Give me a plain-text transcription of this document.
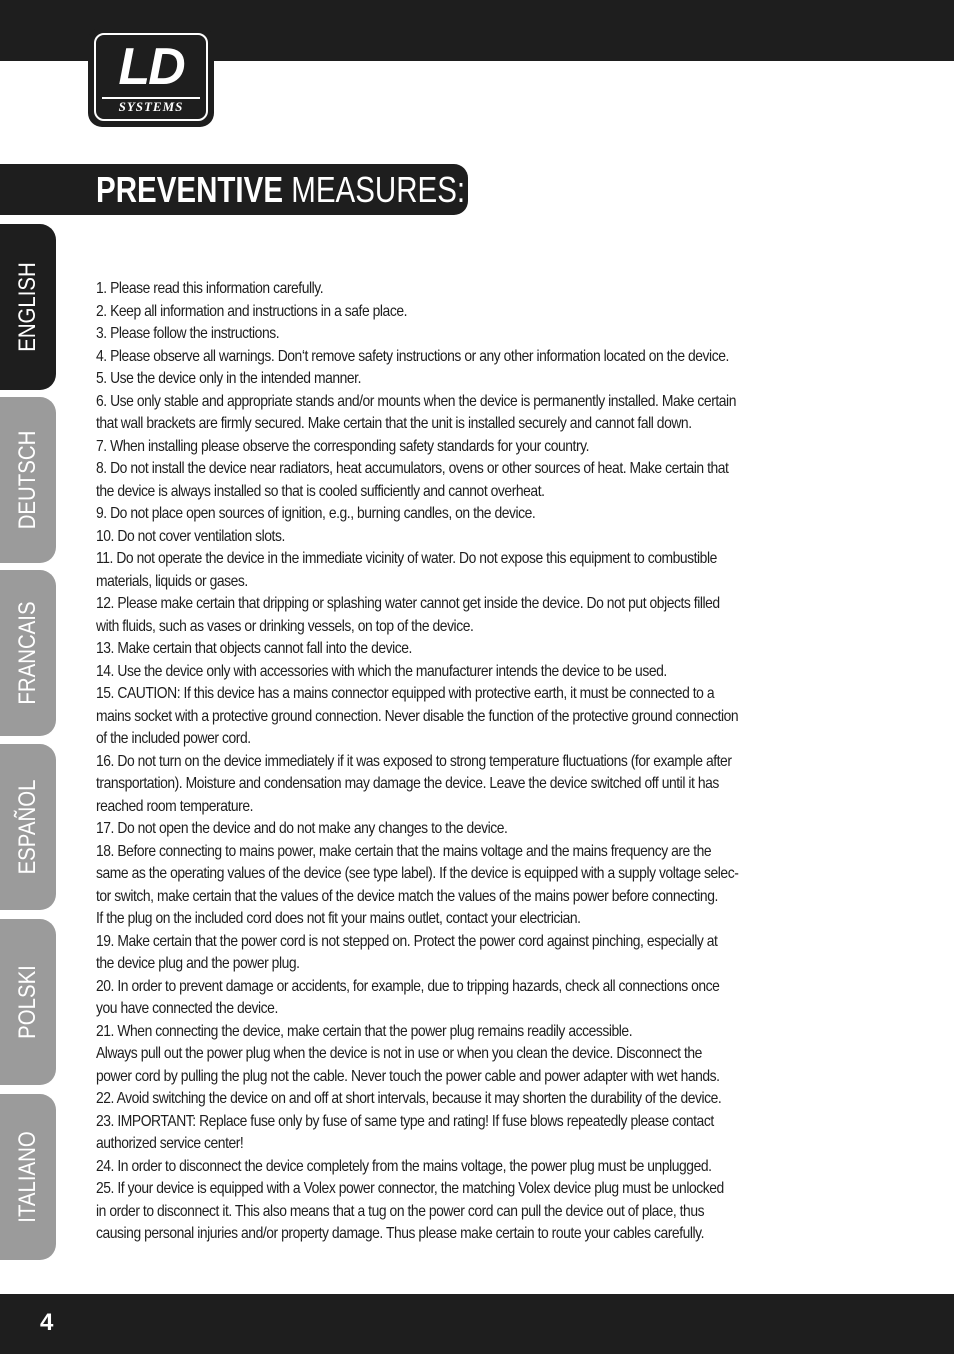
LD
SYSTEMS
PREVENTIVE MEASURES:
ENGLISH
DEUTSCH
FRANCAIS
ESPAÑOL
POLSKI
ITALIANO
1. Please read this information carefully.
2. Keep all information and instructions in a safe place.
3. Please follow the instructions.
4. Please observe all warnings. Don‘t remove safety instructions or any other information located on the device.
5. Use the device only in the intended manner.
6. Use only stable and appropriate stands and/or mounts when the device is permanently installed. Make certain
that wall brackets are firmly secured. Make certain that the unit is installed securely and cannot fall down.
7. When installing please observe the corresponding safety standards for your country.
8. Do not install the device near radiators, heat accumulators, ovens or other sources of heat. Make certain that
the device is always installed so that is cooled sufficiently and cannot overheat.
9. Do not place open sources of ignition, e.g., burning candles, on the device.
10. Do not cover ventilation slots.
11. Do not operate the device in the immediate vicinity of water. Do not expose this equipment to combustible
materials, liquids or gases.
12. Please make certain that dripping or splashing water cannot get inside the device. Do not put objects filled
with fluids, such as vases or drinking vessels, on top of the device.
13. Make certain that objects cannot fall into the device.
14. Use the device only with accessories with which the manufacturer intends the device to be used.
15. CAUTION: If this device has a mains connector equipped with protective earth, it must be connected to a
mains socket with a protective ground connection. Never disable the function of the protective ground connection
of the included power cord.
16. Do not turn on the device immediately if it was exposed to strong temperature fluctuations (for example after
transportation). Moisture and condensation may damage the device. Leave the device switched off until it has
reached room temperature.
17. Do not open the device and do not make any changes to the device.
18. Before connecting to mains power, make certain that the mains voltage and the mains frequency are the
same as the operating values of the device (see type label). If the device is equipped with a supply voltage selec-
tor switch, make certain that the values of the device match the values of the mains power before connecting.
If the plug on the included cord does not fit your mains outlet, contact your electrician.
19. Make certain that the power cord is not stepped on. Protect the power cord against pinching, especially at
the device plug and the power plug.
20. In order to prevent damage or accidents, for example, due to tripping hazards, check all connections once
you have connected the device.
21. When connecting the device, make certain that the power plug remains readily accessible.
Always pull out the power plug when the device is not in use or when you clean the device. Disconnect the
power cord by pulling the plug not the cable. Never touch the power cable and power adapter with wet hands.
22. Avoid switching the device on and off at short intervals, because it may shorten the durability of the device.
23. IMPORTANT: Replace fuse only by fuse of same type and rating! If fuse blows repeatedly please contact
authorized service center!
24. In order to disconnect the device completely from the mains voltage, the power plug must be unplugged.
25. If your device is equipped with a Volex power connector, the matching Volex device plug must be unlocked
in order to disconnect it. This also means that a tug on the power cord can pull the device out of place, thus
causing personal injuries and/or property damage. Thus please make certain to route your cables carefully.
4
